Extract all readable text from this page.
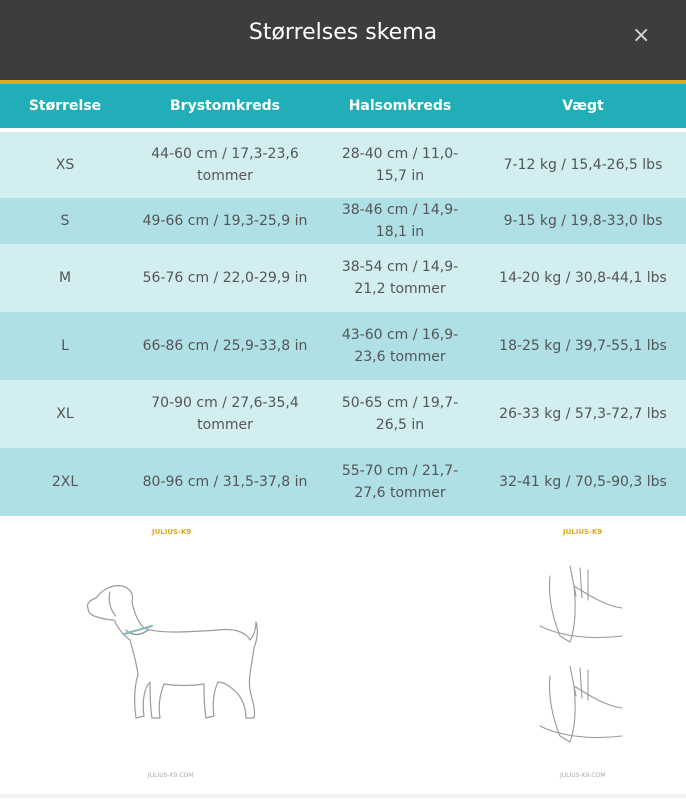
Størrelses skema	×
Størrelse	Brystomkreds	Halsomkreds	Vægt
XS	44-60 cm / 17,3-23,6 tommer	28-40 cm / 11,0-15,7 in	7-12 kg / 15,4-26,5 lbs
S	49-66 cm / 19,3-25,9 in	38-46 cm / 14,9-18,1 in	9-15 kg / 19,8-33,0 lbs
M	56-76 cm / 22,0-29,9 in	38-54 cm / 14,9-21,2 tommer	14-20 kg / 30,8-44,1 lbs
L	66-86 cm / 25,9-33,8 in	43-60 cm / 16,9-23,6 tommer	18-25 kg / 39,7-55,1 lbs
XL	70-90 cm / 27,6-35,4 tommer	50-65 cm / 19,7-26,5 in	26-33 kg / 57,3-72,7 lbs
2XL	80-96 cm / 31,5-37,8 in	55-70 cm / 21,7-27,6 tommer	32-41 kg / 70,5-90,3 lbs
JULIUS-K9
JULIUS-K9.COM
JULIUS-K9
JULIUS-K9.COM
